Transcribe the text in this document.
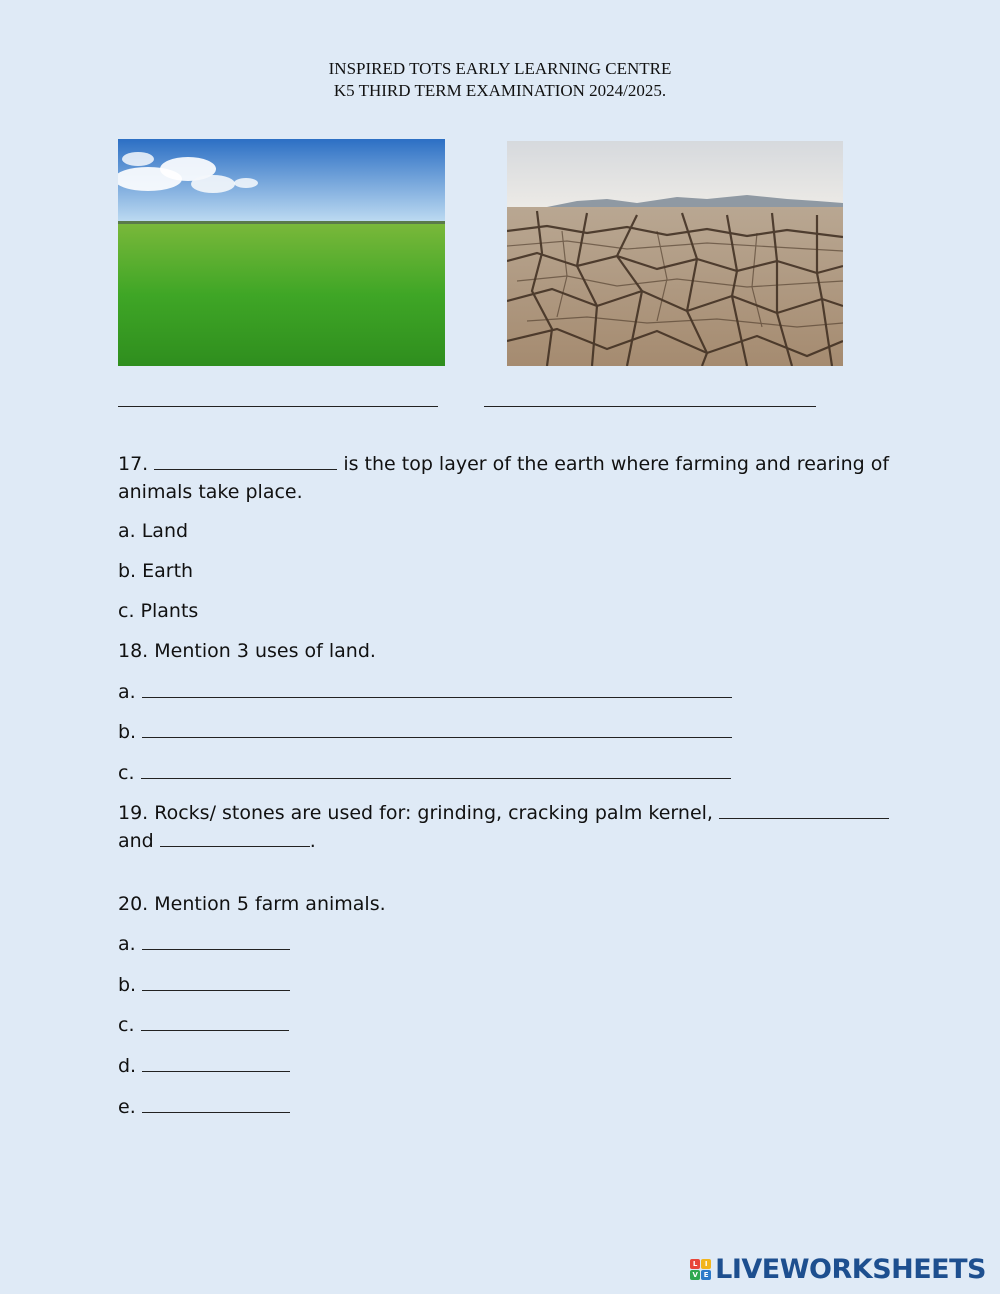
INSPIRED TOTS EARLY LEARNING CENTRE
K5 THIRD TERM EXAMINATION 2024/2025.
17.	is the top layer of the earth where farming and rearing of
animals take place.
a. Land
b. Earth
c. Plants
18. Mention 3 uses of land.
a.
b.
c.
19. Rocks/ stones are used for: grinding, cracking palm kernel,
and	.
20. Mention 5 farm animals.
a.
b.
c.
d.
e.
L	I
V E LIVEWORKSHEETS
